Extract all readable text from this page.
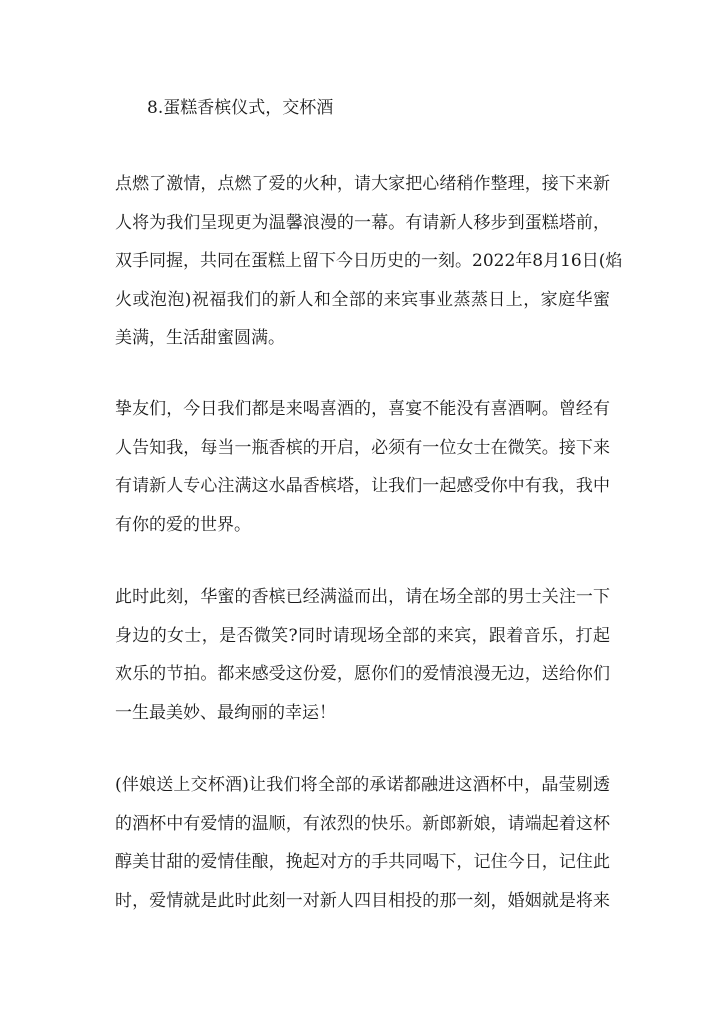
8.蛋糕香槟仪式，交杯酒
点燃了激情，点燃了爱的火种，请大家把心绪稍作整理，接下来新
人将为我们呈现更为温馨浪漫的一幕。有请新人移步到蛋糕塔前，
双手同握，共同在蛋糕上留下今日历史的一刻。2022年8月16日(焰
火或泡泡)祝福我们的新人和全部的来宾事业蒸蒸日上，家庭华蜜
美满，生活甜蜜圆满。
挚友们，今日我们都是来喝喜酒的，喜宴不能没有喜酒啊。曾经有
人告知我，每当一瓶香槟的开启，必须有一位女士在微笑。接下来
有请新人专心注满这水晶香槟塔，让我们一起感受你中有我，我中
有你的爱的世界。
此时此刻，华蜜的香槟已经满溢而出，请在场全部的男士关注一下
身边的女士，是否微笑?同时请现场全部的来宾，跟着音乐，打起
欢乐的节拍。都来感受这份爱，愿你们的爱情浪漫无边，送给你们
一生最美妙、最绚丽的幸运！
(伴娘送上交杯酒)让我们将全部的承诺都融进这酒杯中，晶莹剔透
的酒杯中有爱情的温顺，有浓烈的快乐。新郎新娘，请端起着这杯
醇美甘甜的爱情佳酿，挽起对方的手共同喝下，记住今日，记住此
时，爱情就是此时此刻一对新人四目相投的那一刻，婚姻就是将来
